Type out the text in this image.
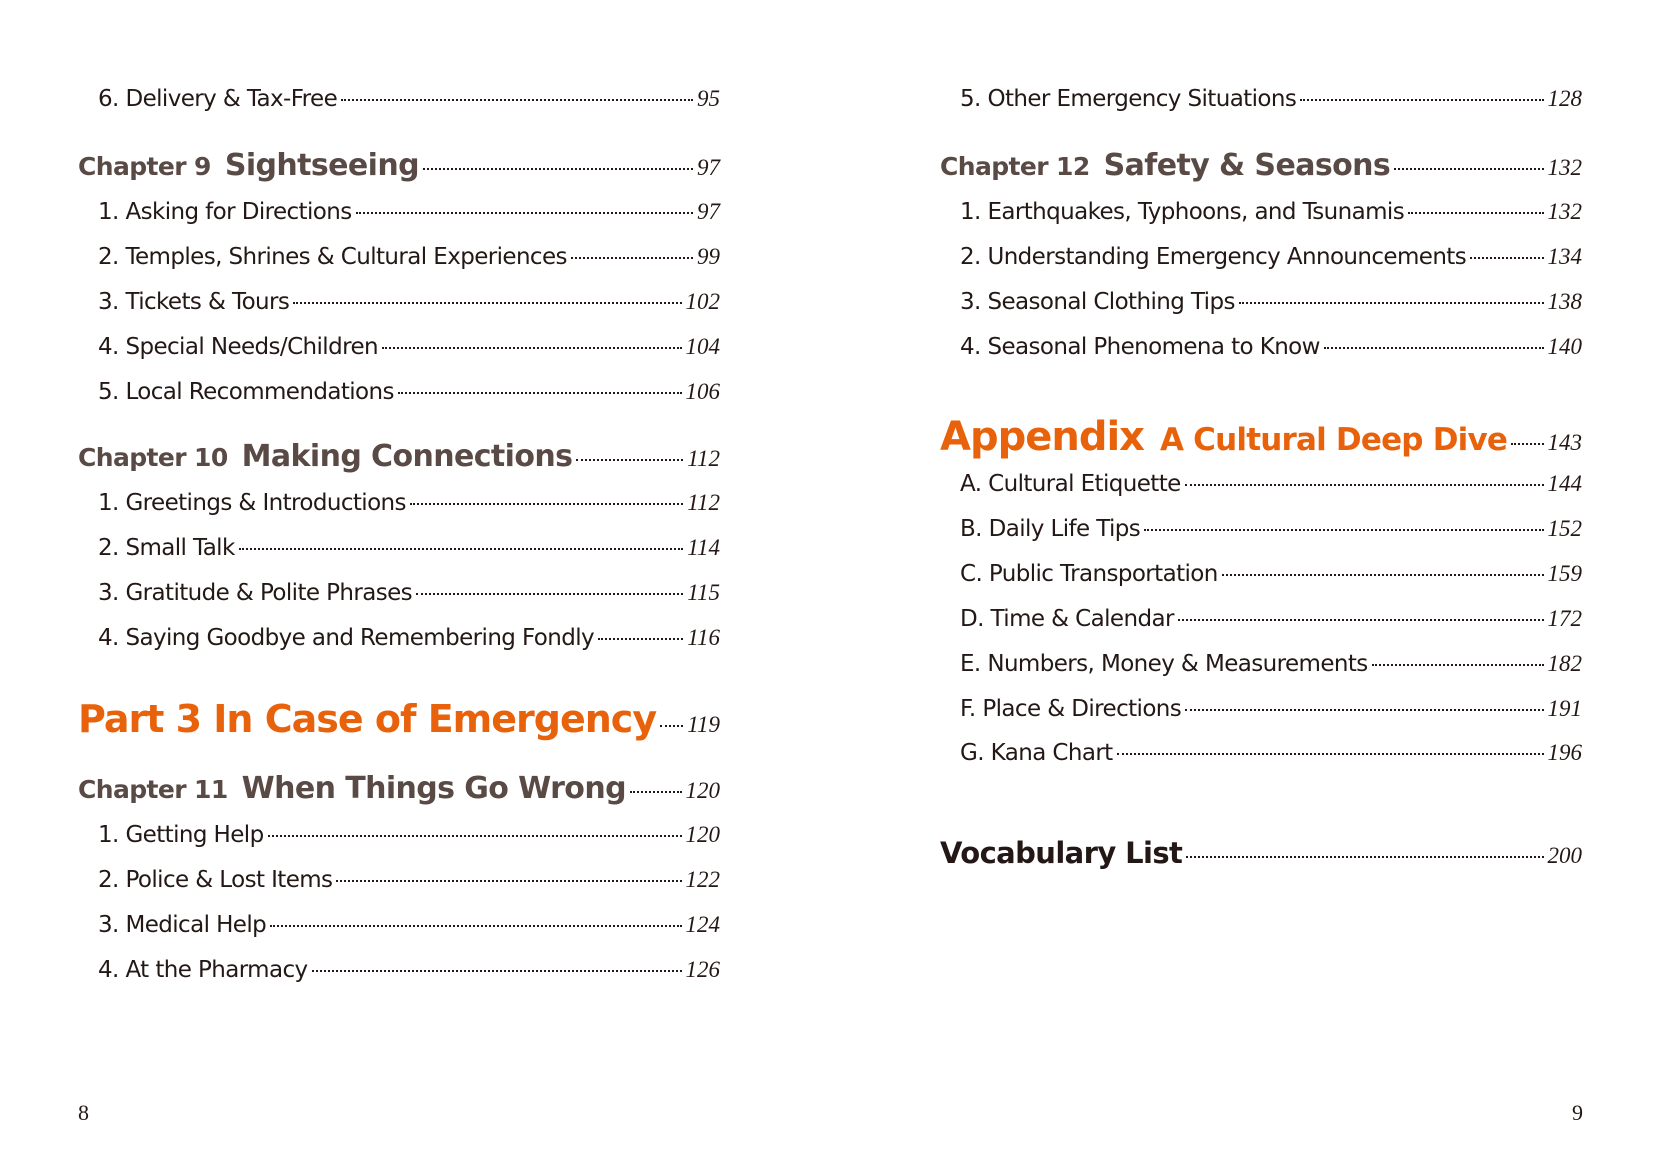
6. Delivery & Tax-Free	95
Chapter 9 Sightseeing	97
1. Asking for Directions	97
2. Temples, Shrines & Cultural Experiences	99
3. Tickets & Tours	102
4. Special Needs/Children	104
5. Local Recommendations	106
Chapter 10 Making Connections	112
1. Greetings & Introductions	112
2. Small Talk	114
3. Gratitude & Polite Phrases	115
4. Saying Goodbye and Remembering Fondly	116
Part 3 In Case of Emergency 119
Chapter 11 When Things Go Wrong	120
1. Getting Help	120
2. Police & Lost Items	122
3. Medical Help	124
4. At the Pharmacy	126
8
5. Other Emergency Situations	128
Chapter 12 Safety & Seasons	132
1. Earthquakes, Typhoons, and Tsunamis	132
2. Understanding Emergency Announcements	134
3. Seasonal Clothing Tips	138
4. Seasonal Phenomena to Know	140
Appendix A Cultural Deep Dive 143
A. Cultural Etiquette	144
B. Daily Life Tips	152
C. Public Transportation	159
D. Time & Calendar	172
E. Numbers, Money & Measurements	182
F. Place & Directions	191
G. Kana Chart	196
Vocabulary List	200
9
